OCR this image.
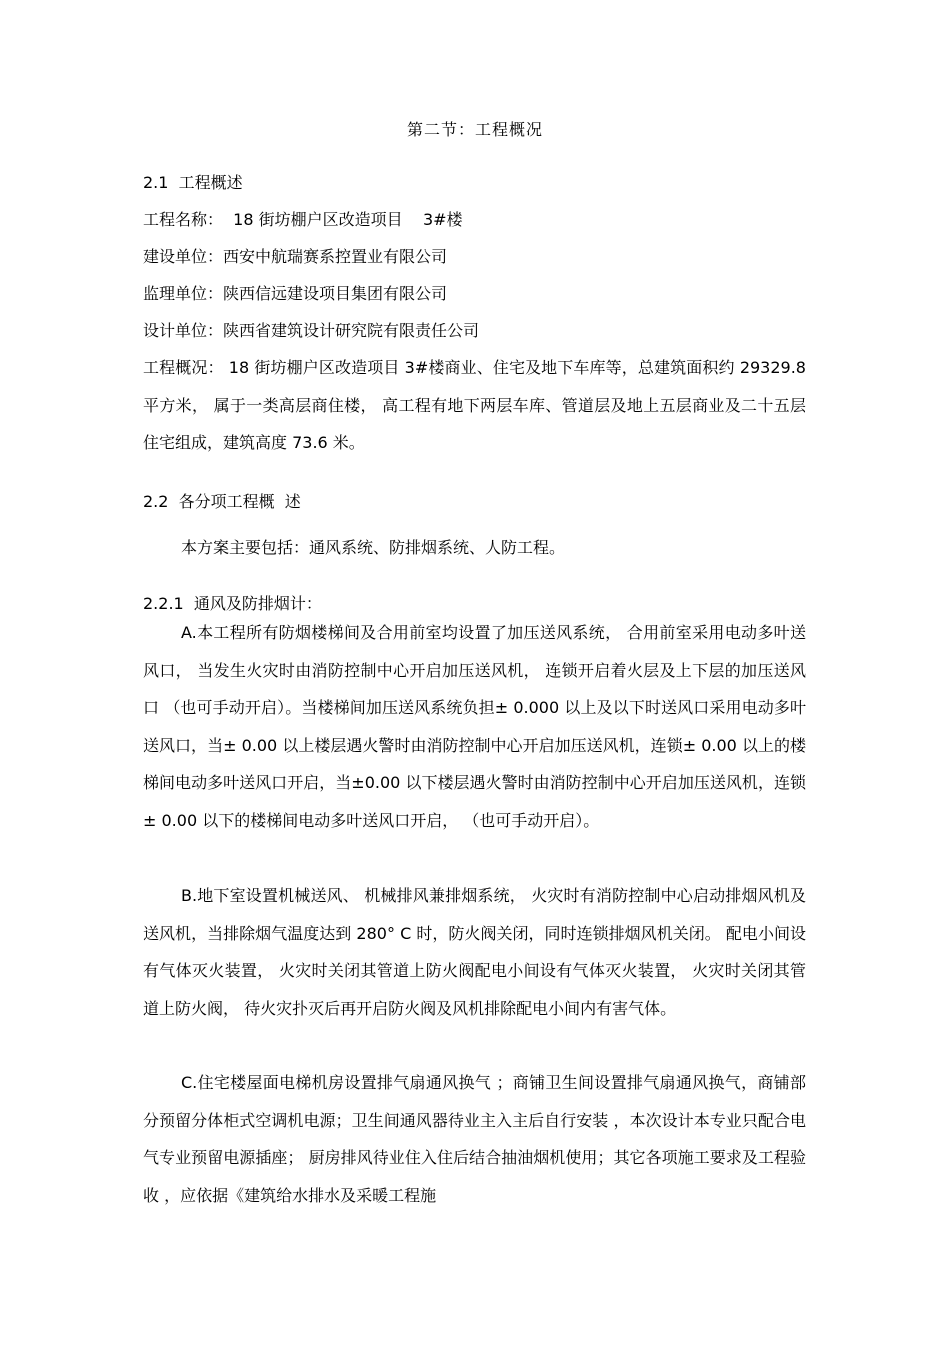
第二节：工程概况
2.1  工程概述
工程名称：  18 街坊棚户区改造项目    3#楼
建设单位：西安中航瑞赛系控置业有限公司
监理单位：陕西信远建设项目集团有限公司
设计单位：陕西省建筑设计研究院有限责任公司
工程概况： 18 街坊棚户区改造项目 3#楼商业、住宅及地下车库等，总建筑面积约 29329.8 平方米， 属于一类高层商住楼， 高工程有地下两层车库、管道层及地上五层商业及二十五层住宅组成，建筑高度 73.6 米。
2.2  各分项工程概  述
本方案主要包括：通风系统、防排烟系统、人防工程。
2.2.1  通风及防排烟计：
A.本工程所有防烟楼梯间及合用前室均设置了加压送风系统， 合用前室采用电动多叶送风口， 当发生火灾时由消防控制中心开启加压送风机， 连锁开启着火层及上下层的加压送风口 （也可手动开启）。当楼梯间加压送风系统负担± 0.000 以上及以下时送风口采用电动多叶送风口，当± 0.00 以上楼层遇火警时由消防控制中心开启加压送风机，连锁± 0.00 以上的楼梯间电动多叶送风口开启，当±0.00 以下楼层遇火警时由消防控制中心开启加压送风机，连锁± 0.00 以下的楼梯间电动多叶送风口开启， （也可手动开启）。
B.地下室设置机械送风、 机械排风兼排烟系统， 火灾时有消防控制中心启动排烟风机及送风机，当排除烟气温度达到 280° C 时，防火阀关闭，同时连锁排烟风机关闭。 配电小间设有气体灭火装置， 火灾时关闭其管道上防火阀配电小间设有气体灭火装置， 火灾时关闭其管道上防火阀， 待火灾扑灭后再开启防火阀及风机排除配电小间内有害气体。
C.住宅楼屋面电梯机房设置排气扇通风换气 ；商铺卫生间设置排气扇通风换气，商铺部分预留分体柜式空调机电源；卫生间通风器待业主入主后自行安装 ，本次设计本专业只配合电气专业预留电源插座； 厨房排风待业住入住后结合抽油烟机使用；其它各项施工要求及工程验收 ，应依据《建筑给水排水及采暖工程施
